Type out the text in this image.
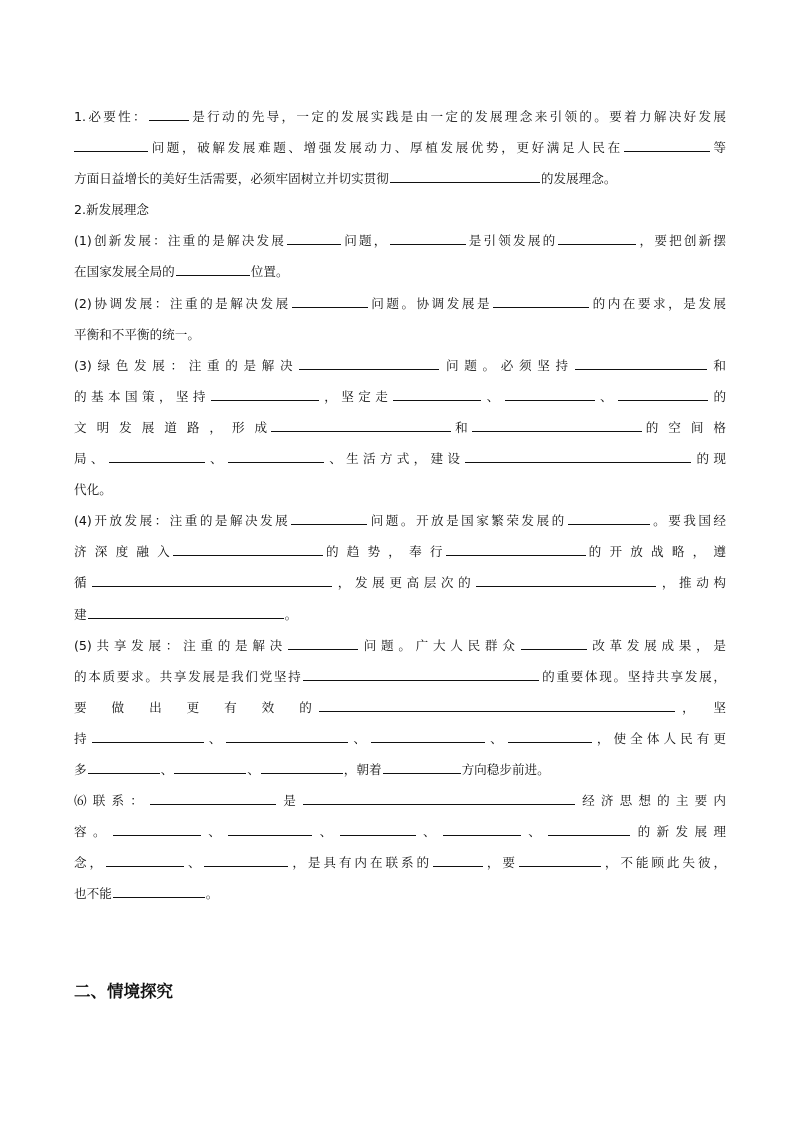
1.必要性：	是行动的先导，一定的发展实践是由一定的发展理念来引领的。要着力解决好发展
问题，破解发展难题、增强发展动力、厚植发展优势，更好满足人民在	等
方面日益增长的美好生活需要，必须牢固树立并切实贯彻	的发展理念。
2.新发展理念
(1)创新发展：注重的是解决发展	问题，	是引领发展的	，要把创新摆
在国家发展全局的	位置。
(2)协调发展：注重的是解决发展	问题。协调发展是	的内在要求，是发展
平衡和不平衡的统一。
(3)绿色发展：注重的是解决	问题。必须坚持	和
的基本国策，坚持	，坚定走	、	、	的
文 明 发 展 道 路 ， 形 成	和	的 空 间 格
局、	、	、生活方式，建设	的现
代化。
(4)开放发展：注重的是解决发展	问题。开放是国家繁荣发展的	。要我国经
济 深 度 融 入	的 趋 势 ， 奉 行	的 开 放 战 略 ， 遵
循	，发展更高层次的	，推动构
建	。
(5)共享发展：注重的是解决	问题。广大人民群众	改革发展成果，是
的本质要求。共享发展是我们党坚持	的重要体现。坚持共享发展，
要　做　出　更　有　效　的	，　坚
持	、	、	、	，使全体人民有更
多	、	、	，朝着	方向稳步前进。
⑹联系：	是	经济思想的主要内
容。	、	、	、	、	的新发展理
念，	、	，是具有内在联系的	，要	，不能顾此失彼，
也不能	。
二、情境探究
